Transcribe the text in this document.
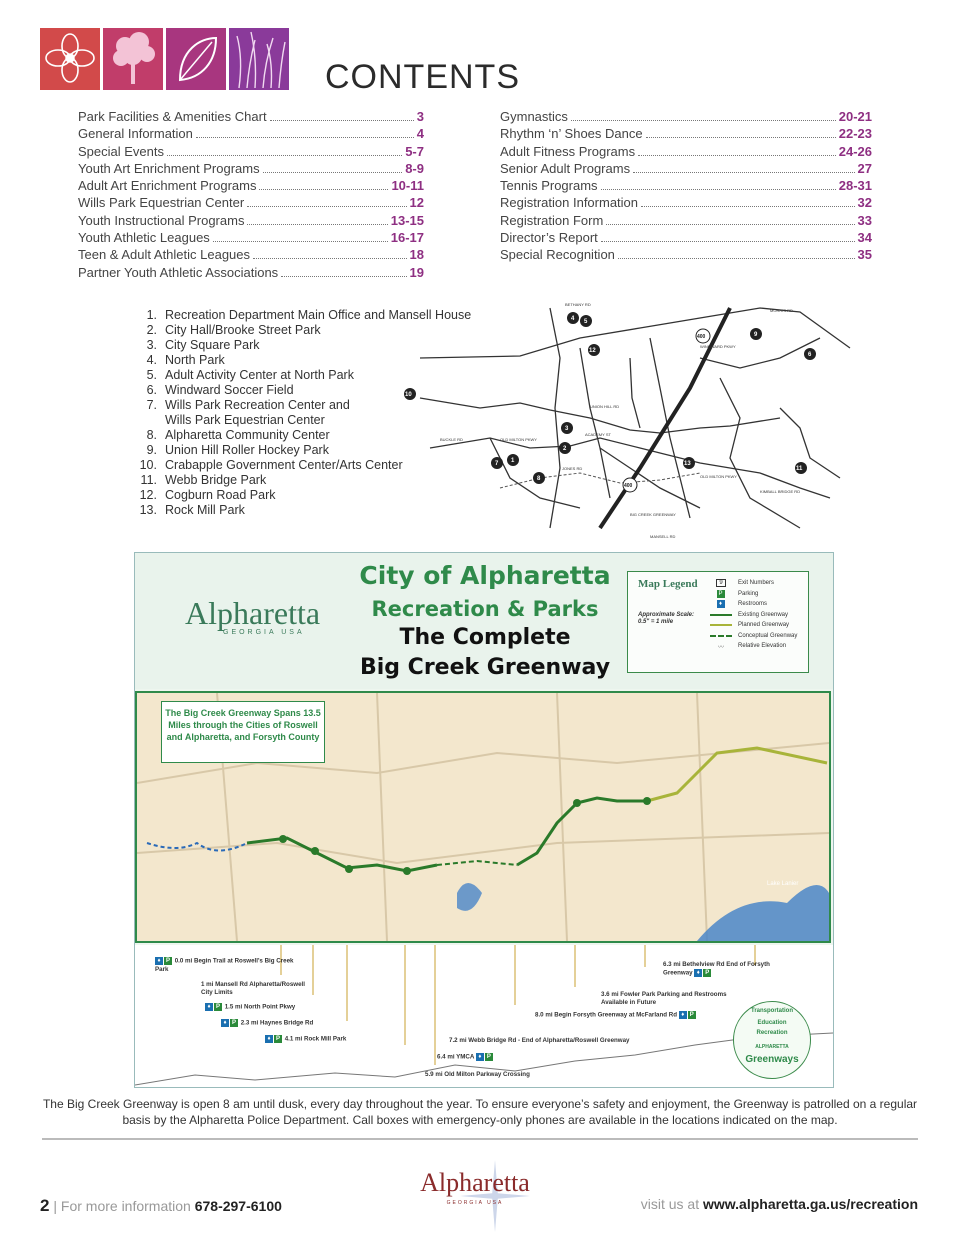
CONTENTS
Park Facilities & Amenities Chart	3
General Information	4
Special Events	5-7
Youth Art Enrichment Programs	8-9
Adult Art Enrichment Programs	10-11
Wills Park Equestrian Center	12
Youth Instructional Programs	13-15
Youth Athletic Leagues	16-17
Teen & Adult Athletic Leagues	18
Partner Youth Athletic Associations	19
Gymnastics	20-21
Rhythm ‘n’ Shoes Dance	22-23
Adult Fitness Programs	24-26
Senior Adult Programs	27
Tennis Programs	28-31
Registration Information	32
Registration Form	33
Director’s Report	34
Special Recognition	35
1. Recreation Department Main Office and Mansell House
2. City Hall/Brooke Street Park
3. City Square Park
4. North Park
5. Adult Activity Center at North Park
6. Windward Soccer Field
7. Wills Park Recreation Center and
Wills Park Equestrian Center
8. Alpharetta Community Center
9. Union Hill Roller Hockey Park
10. Crabapple Government Center/Arts Center
11. Webb Bridge Park
12. Cogburn Road Park
13. Rock Mill Park
BETHANY RD
MORRIS RD
WINDWARD PKWY
UNION HILL RD
ACADEMY ST
OLD MILTON PKWY
JONES RD
BIG CREEK GREENWAY
MANSELL RD
BUCKLE RD
OLD MILTON PKWY
KIMBALL BRIDGE RD
4 5
9
6
12
10
3
2
7 1
8
13
11
400
400
Alpharetta
GEORGIA USA
City of Alpharetta
Recreation & Parks
The Complete
Big Creek Greenway
Map Legend
Approximate Scale: 0.5" = 1 mile
9	Exit Numbers
P	Parking
♦	Restrooms
Existing Greenway
Planned Greenway
Conceptual Greenway
〰	Relative Elevation
Lake Lanier
The Big Creek Greenway Spans 13.5 Miles through the Cities of Roswell and Alpharetta, and Forsyth County
♦ P 0.0 mi Begin Trail at Roswell's Big Creek Park
1 mi Mansell Rd Alpharetta/Roswell City Limits
♦ P 1.5 mi North Point Pkwy
♦ P 2.3 mi Haynes Bridge Rd
♦ P 4.1 mi Rock Mill Park
5.9 mi Old Milton Parkway Crossing
6.4 mi YMCA ♦ P
7.2 mi Webb Bridge Rd - End of Alpharetta/Roswell Greenway
8.0 mi Begin Forsyth Greenway at McFarland Rd ♦ P
3.6 mi Fowler Park Parking and Restrooms Available in Future
6.3 mi Bethelview Rd End of Forsyth Greenway ♦ P
Transportation
Education
Recreation
ALPHARETTA
Greenways
The Big Creek Greenway is open 8 am until dusk, every day throughout the year. To ensure everyone’s safety and enjoyment, the Greenway is patrolled on a regular basis by the Alpharetta Police Department. Call boxes with emergency-only phones are available in the locations indicated on the map.
2 | For more information 678-297-6100
Alpharetta
GEORGIA USA	visit us at www.alpharetta.ga.us/recreation
